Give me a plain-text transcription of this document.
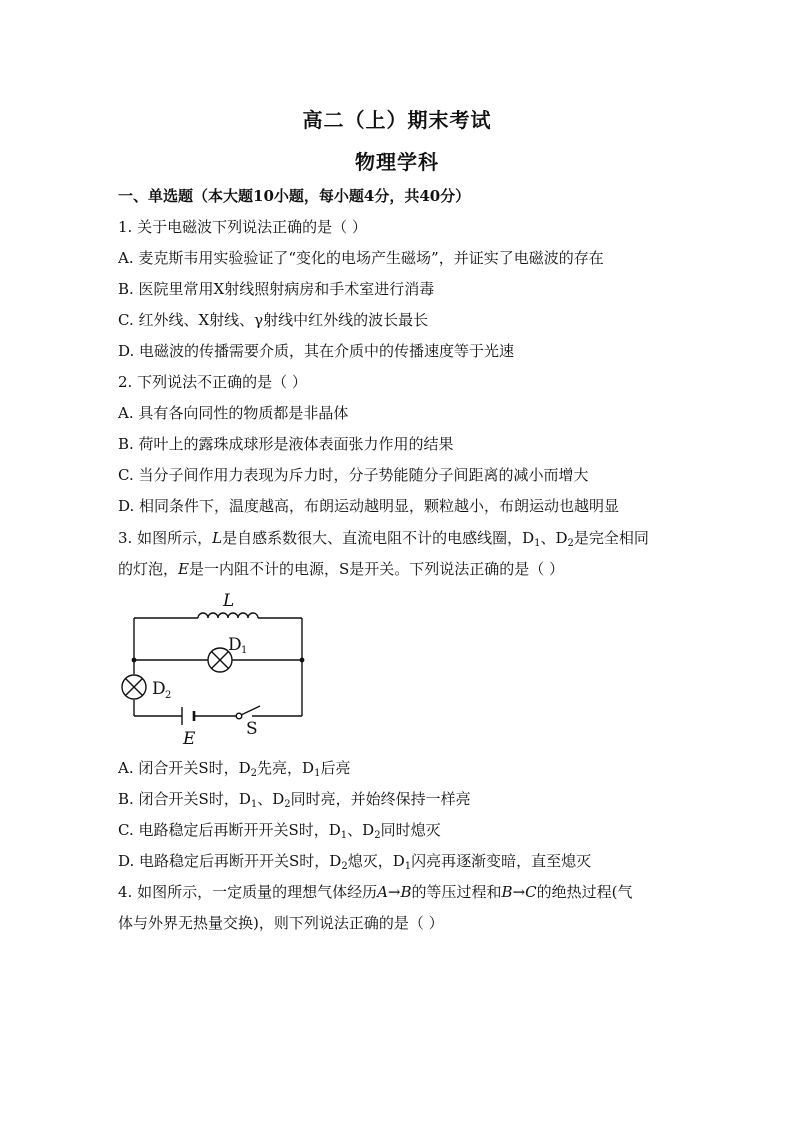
高二（上）期末考试
物理学科
一、单选题（本大题10小题，每小题4分，共40分）
1. 关于电磁波下列说法正确的是（ ）
A. 麦克斯韦用实验验证了“变化的电场产生磁场”，并证实了电磁波的存在
B. 医院里常用X射线照射病房和手术室进行消毒
C. 红外线、X射线、γ射线中红外线的波长最长
D. 电磁波的传播需要介质，其在介质中的传播速度等于光速
2. 下列说法不正确的是（ ）
A. 具有各向同性的物质都是非晶体
B. 荷叶上的露珠成球形是液体表面张力作用的结果
C. 当分子间作用力表现为斥力时，分子势能随分子间距离的减小而增大
D. 相同条件下，温度越高，布朗运动越明显，颗粒越小，布朗运动也越明显
3. 如图所示，L是自感系数很大、直流电阻不计的电感线圈，$D_1$、$D_2$是完全相同
的灯泡，E是一内阻不计的电源，S是开关。下列说法正确的是（ ）
L
D 1
D 2
E	S
A. 闭合开关S时，$D_2$先亮，$D_1$后亮
B. 闭合开关S时，$D_1$、$D_2$同时亮，并始终保持一样亮
C. 电路稳定后再断开开关S时，$D_1$、$D_2$同时熄灭
D. 电路稳定后再断开开关S时，$D_2$熄灭，$D_1$闪亮再逐渐变暗，直至熄灭
4. 如图所示，一定质量的理想气体经历A→B的等压过程和B→C的绝热过程(气
体与外界无热量交换)，则下列说法正确的是（ ）
